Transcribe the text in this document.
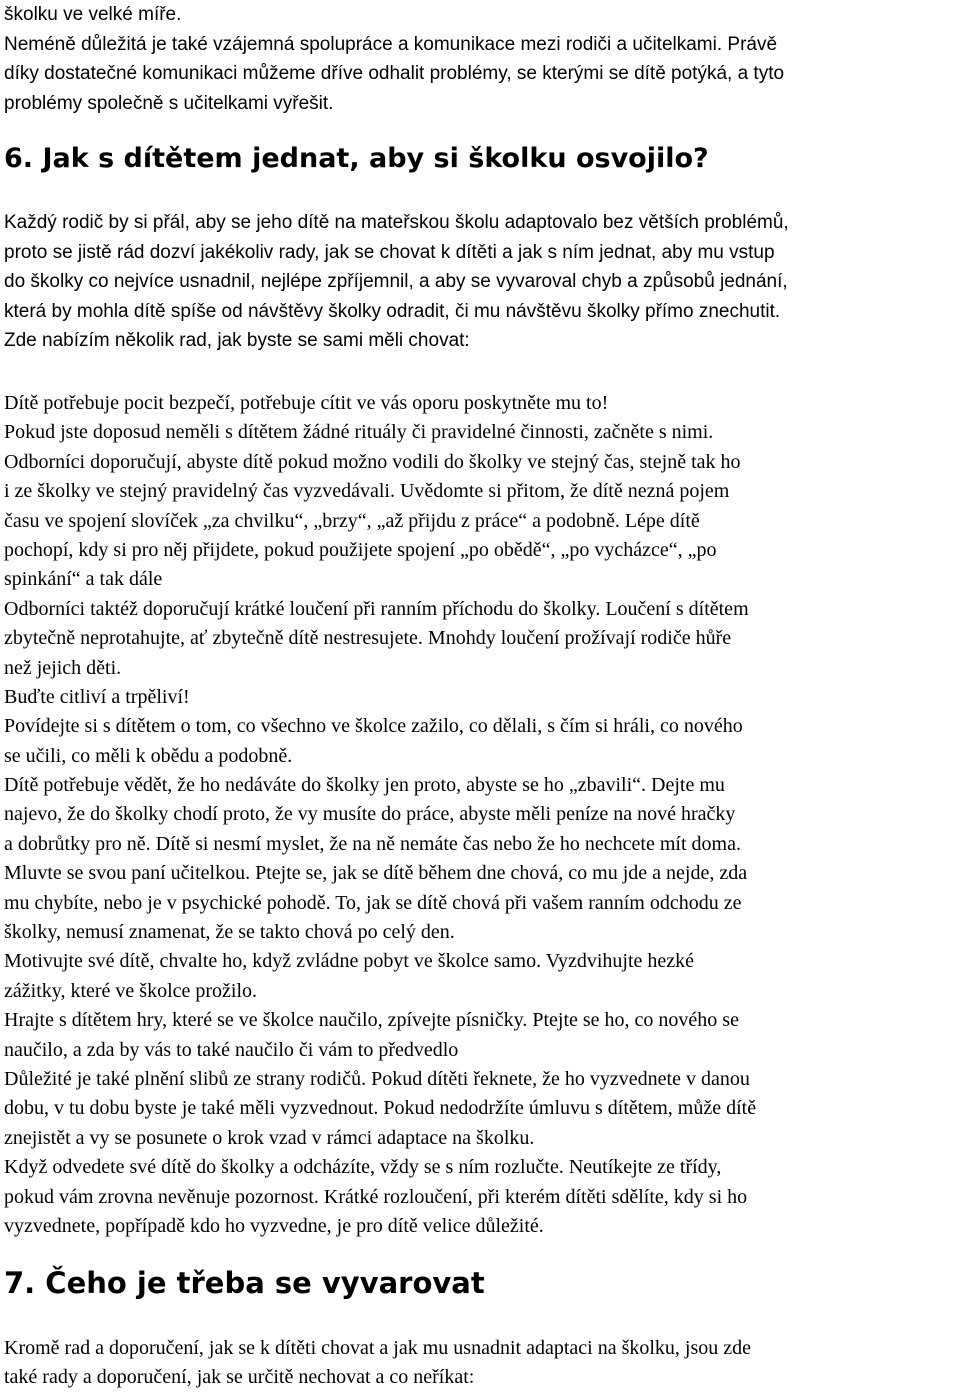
školku ve velké míře.
Neméně důležitá je také vzájemná spolupráce a komunikace mezi rodiči a učitelkami. Právě
díky dostatečné komunikaci můžeme dříve odhalit problémy, se kterými se dítě potýká, a tyto
problémy společně s učitelkami vyřešit.
6. Jak s dítětem jednat, aby si školku osvojilo?
Každý rodič by si přál, aby se jeho dítě na mateřskou školu adaptovalo bez větších problémů,
proto se jistě rád dozví jakékoliv rady, jak se chovat k dítěti a jak s ním jednat, aby mu vstup
do školky co nejvíce usnadnil, nejlépe zpříjemnil, a aby se vyvaroval chyb a způsobů jednání,
která by mohla dítě spíše od návštěvy školky odradit, či mu návštěvu školky přímo znechutit.
Zde nabízím několik rad, jak byste se sami měli chovat:
Dítě potřebuje pocit bezpečí, potřebuje cítit ve vás oporu poskytněte mu to!
Pokud jste doposud neměli s dítětem žádné rituály či pravidelné činnosti, začněte s nimi.
Odborníci doporučují, abyste dítě pokud možno vodili do školky ve stejný čas, stejně tak ho
i ze školky ve stejný pravidelný čas vyzvedávali. Uvědomte si přitom, že dítě nezná pojem
času ve spojení slovíček „za chvilku“, „brzy“, „až přijdu z práce“ a podobně. Lépe dítě
pochopí, kdy si pro něj přijdete, pokud použijete spojení „po obědě“, „po vycházce“, „po
spinkání“ a tak dále
Odborníci taktéž doporučují krátké loučení při ranním příchodu do školky. Loučení s dítětem
zbytečně neprotahujte, ať zbytečně dítě nestresujete. Mnohdy loučení prožívají rodiče hůře
než jejich děti.
Buďte citliví a trpěliví!
Povídejte si s dítětem o tom, co všechno ve školce zažilo, co dělali, s čím si hráli, co nového
se učili, co měli k obědu a podobně.
Dítě potřebuje vědět, že ho nedáváte do školky jen proto, abyste se ho „zbavili“. Dejte mu
najevo, že do školky chodí proto, že vy musíte do práce, abyste měli peníze na nové hračky
a dobrůtky pro ně. Dítě si nesmí myslet, že na ně nemáte čas nebo že ho nechcete mít doma.
Mluvte se svou paní učitelkou. Ptejte se, jak se dítě během dne chová, co mu jde a nejde, zda
mu chybíte, nebo je v psychické pohodě. To, jak se dítě chová při vašem ranním odchodu ze
školky, nemusí znamenat, že se takto chová po celý den.
Motivujte své dítě, chvalte ho, když zvládne pobyt ve školce samo. Vyzdvihujte hezké
zážitky, které ve školce prožilo.
Hrajte s dítětem hry, které se ve školce naučilo, zpívejte písničky. Ptejte se ho, co nového se
naučilo, a zda by vás to také naučilo či vám to předvedlo
Důležité je také plnění slibů ze strany rodičů. Pokud dítěti řeknete, že ho vyzvednete v danou
dobu, v tu dobu byste je také měli vyzvednout. Pokud nedodržíte úmluvu s dítětem, může dítě
znejistět a vy se posunete o krok vzad v rámci adaptace na školku.
Když odvedete své dítě do školky a odcházíte, vždy se s ním rozlučte. Neutíkejte ze třídy,
pokud vám zrovna nevěnuje pozornost. Krátké rozloučení, při kterém dítěti sdělíte, kdy si ho
vyzvednete, popřípadě kdo ho vyzvedne, je pro dítě velice důležité.
7. Čeho je třeba se vyvarovat
Kromě rad a doporučení, jak se k dítěti chovat a jak mu usnadnit adaptaci na školku, jsou zde
také rady a doporučení, jak se určitě nechovat a co neříkat:
